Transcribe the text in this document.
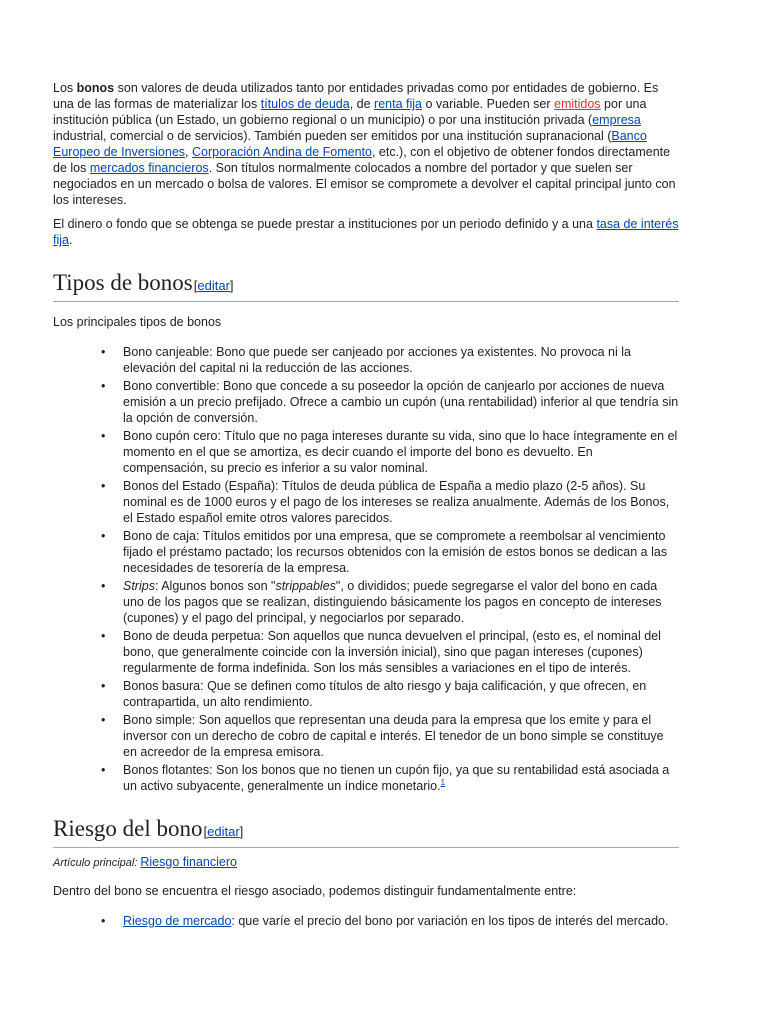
Los bonos son valores de deuda utilizados tanto por entidades privadas como por entidades de gobierno. Es una de las formas de materializar los títulos de deuda, de renta fija o variable. Pueden ser emitidos por una institución pública (un Estado, un gobierno regional o un municipio) o por una institución privada (empresa industrial, comercial o de servicios). También pueden ser emitidos por una institución supranacional (Banco Europeo de Inversiones, Corporación Andina de Fomento, etc.), con el objetivo de obtener fondos directamente de los mercados financieros. Son títulos normalmente colocados a nombre del portador y que suelen ser negociados en un mercado o bolsa de valores. El emisor se compromete a devolver el capital principal junto con los intereses.

El dinero o fondo que se obtenga se puede prestar a instituciones por un periodo definido y a una tasa de interés fija.

Tipos de bonos[editar]

Los principales tipos de bonos

• Bono canjeable: Bono que puede ser canjeado por acciones ya existentes. No provoca ni la elevación del capital ni la reducción de las acciones.
• Bono convertible: Bono que concede a su poseedor la opción de canjearlo por acciones de nueva emisión a un precio prefijado. Ofrece a cambio un cupón (una rentabilidad) inferior al que tendría sin la opción de conversión.
• Bono cupón cero: Título que no paga intereses durante su vida, sino que lo hace íntegramente en el momento en el que se amortiza, es decir cuando el importe del bono es devuelto. En compensación, su precio es inferior a su valor nominal.
• Bonos del Estado (España): Títulos de deuda pública de España a medio plazo (2-5 años). Su nominal es de 1000 euros y el pago de los intereses se realiza anualmente. Además de los Bonos, el Estado español emite otros valores parecidos.
• Bono de caja: Títulos emitidos por una empresa, que se compromete a reembolsar al vencimiento fijado el préstamo pactado; los recursos obtenidos con la emisión de estos bonos se dedican a las necesidades de tesorería de la empresa.
• Strips: Algunos bonos son "strippables", o divididos; puede segregarse el valor del bono en cada uno de los pagos que se realizan, distinguiendo básicamente los pagos en concepto de intereses (cupones) y el pago del principal, y negociarlos por separado.
• Bono de deuda perpetua: Son aquellos que nunca devuelven el principal, (esto es, el nominal del bono, que generalmente coincide con la inversión inicial), sino que pagan intereses (cupones) regularmente de forma indefinida. Son los más sensibles a variaciones en el tipo de interés.
• Bonos basura: Que se definen como títulos de alto riesgo y baja calificación, y que ofrecen, en contrapartida, un alto rendimiento.
• Bono simple: Son aquellos que representan una deuda para la empresa que los emite y para el inversor con un derecho de cobro de capital e interés. El tenedor de un bono simple se constituye en acreedor de la empresa emisora.
• Bonos flotantes: Son los bonos que no tienen un cupón fijo, ya que su rentabilidad está asociada a un activo subyacente, generalmente un índice monetario.$^1$
Riesgo del bono[editar]
Artículo principal: Riesgo financiero

Dentro del bono se encuentra el riesgo asociado, podemos distinguir fundamentalmente entre:

• Riesgo de mercado: que varíe el precio del bono por variación en los tipos de interés del mercado.
